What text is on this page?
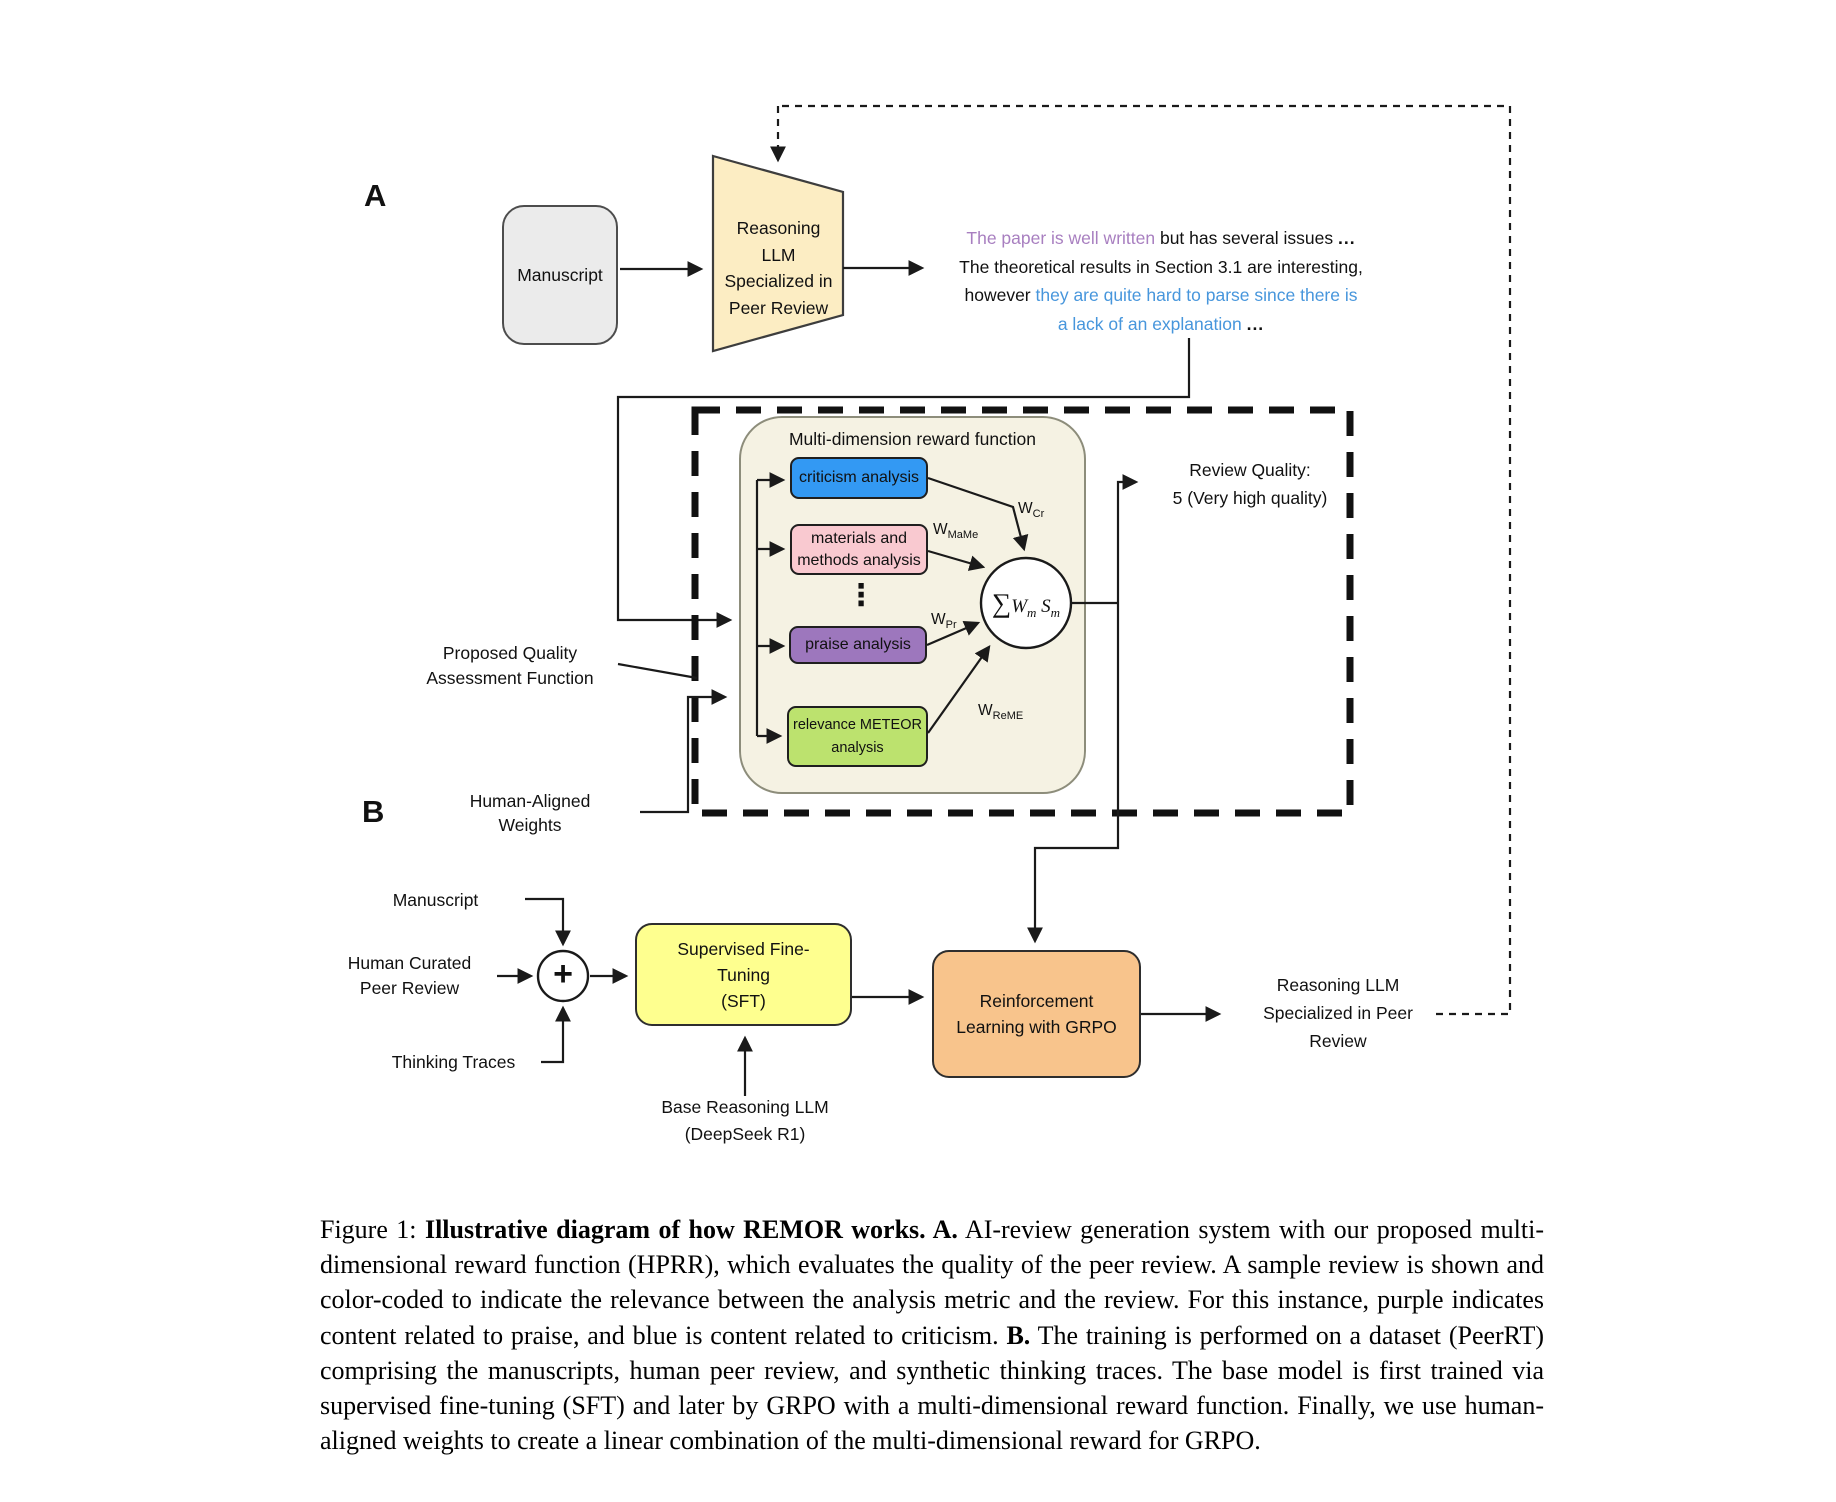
A
Manuscript
Reasoning
LLM
Specialized in
Peer Review
The paper is well written but has several issues ...
The theoretical results in Section 3.1 are interesting,
however they are quite hard to parse since there is
a lack of an explanation ...
Multi-dimension reward function
criticism analysis
materials and
methods analysis
⋮
praise analysis
relevance METEOR
analysis
$W_{Cr}$
$W_{MaMe}$
$W_{Pr}$
$W_{ReME}$
$\sum W_m$ $S_m$
Review Quality:
5 (Very high quality)
Proposed Quality
Assessment Function
Human-Aligned
Weights
B
Manuscript
Human Curated
Peer Review
Thinking Traces
+
Supervised Fine-
Tuning
(SFT)
Base Reasoning LLM
(DeepSeek R1)
Reinforcement
Learning with GRPO
Reasoning LLM
Specialized in Peer
Review

Figure 1: Illustrative diagram of how REMOR works. A. AI-review generation system with our proposed multi-dimensional reward function (HPRR), which evaluates the quality of the peer review. A sample review is shown and color-coded to indicate the relevance between the analysis metric and the review. For this instance, purple indicates content related to praise, and blue is content related to criticism. B. The training is performed on a dataset (PeerRT) comprising the manuscripts, human peer review, and synthetic thinking traces. The base model is first trained via supervised fine-tuning (SFT) and later by GRPO with a multi-dimensional reward function. Finally, we use human-aligned weights to create a linear combination of the multi-dimensional reward for GRPO.
